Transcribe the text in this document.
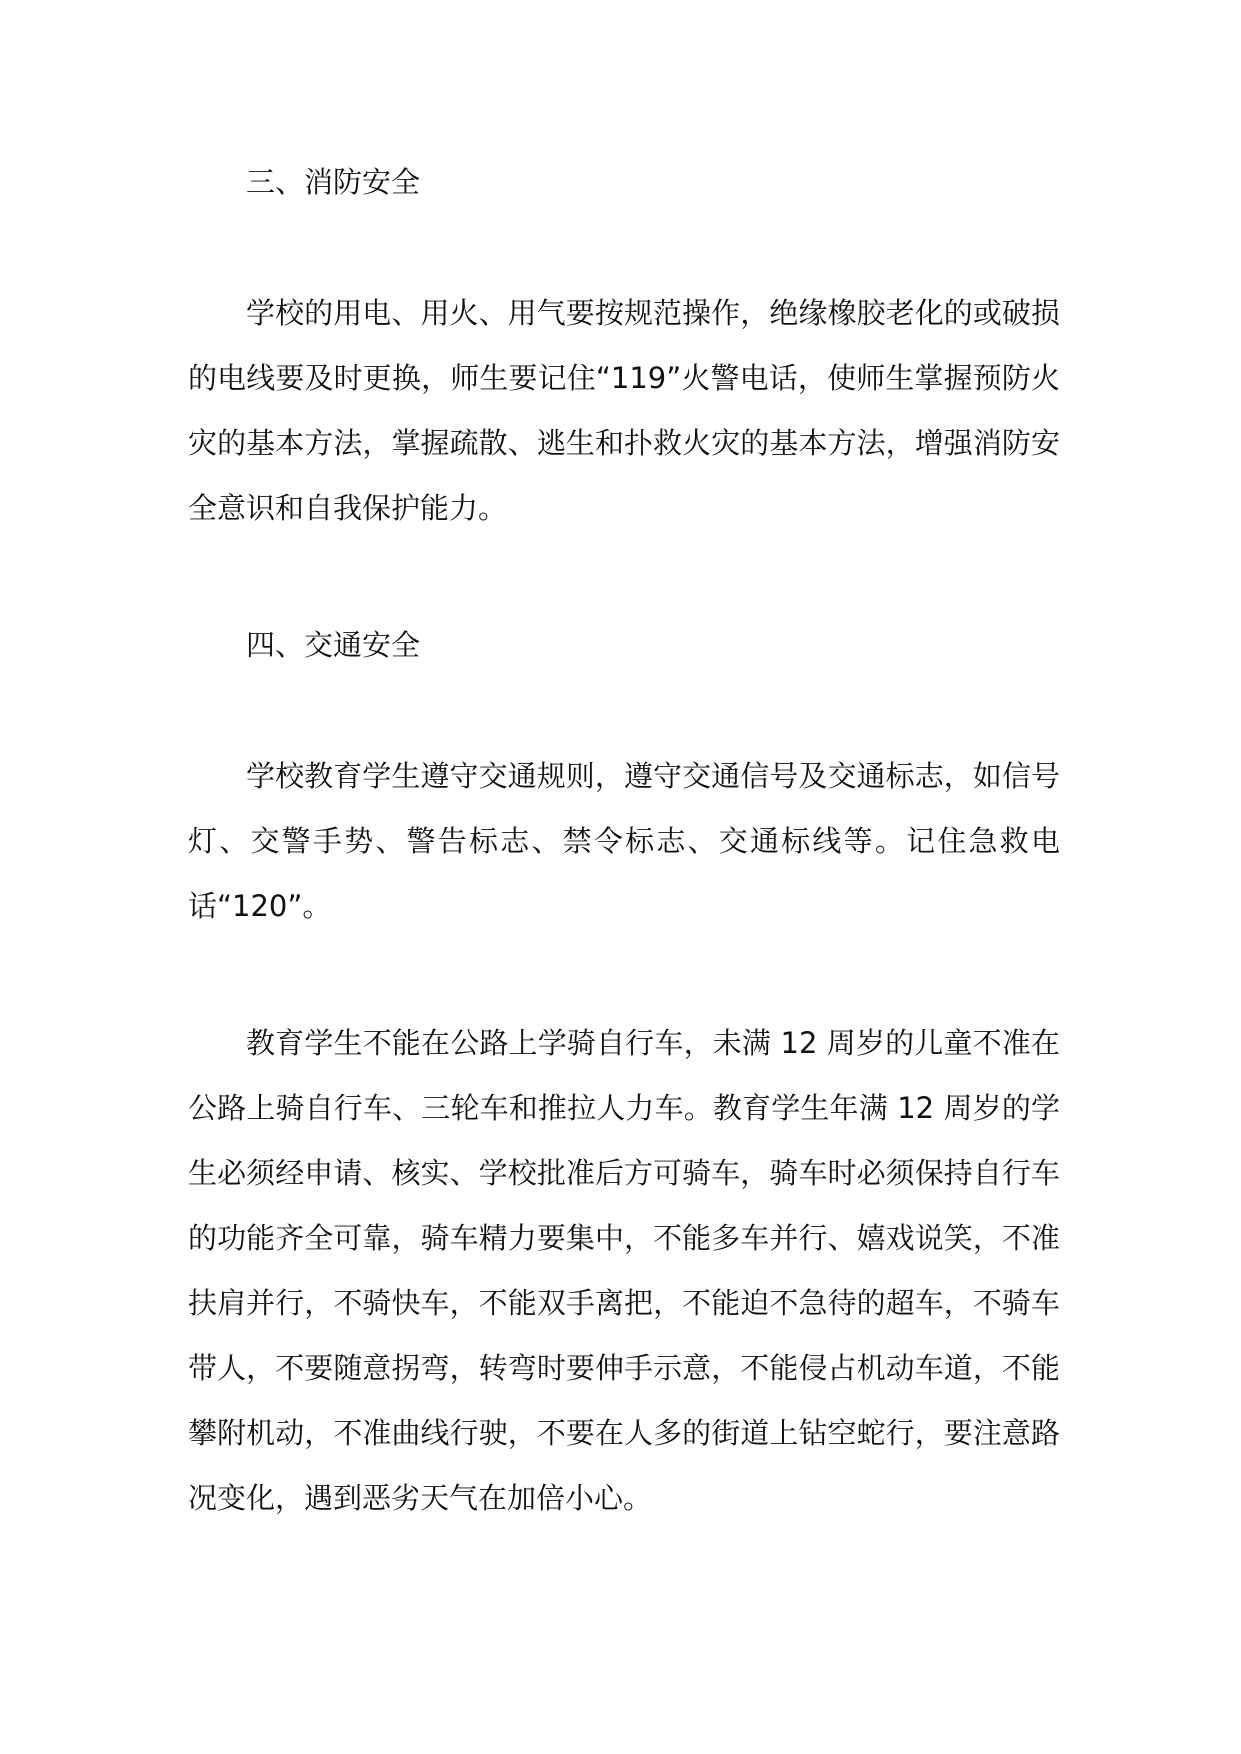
三、消防安全

学校的用电、用火、用气要按规范操作，绝缘橡胶老化的或破损的电线要及时更换，师生要记住“119”火警电话，使师生掌握预防火灾的基本方法，掌握疏散、逃生和扑救火灾的基本方法，增强消防安全意识和自我保护能力。

四、交通安全

学校教育学生遵守交通规则，遵守交通信号及交通标志，如信号灯、交警手势、警告标志、禁令标志、交通标线等。记住急救电话“120”。

教育学生不能在公路上学骑自行车，未满 12 周岁的儿童不准在公路上骑自行车、三轮车和推拉人力车。教育学生年满 12 周岁的学生必须经申请、核实、学校批准后方可骑车，骑车时必须保持自行车的功能齐全可靠，骑车精力要集中，不能多车并行、嬉戏说笑，不准扶肩并行，不骑快车，不能双手离把，不能迫不急待的超车，不骑车带人，不要随意拐弯，转弯时要伸手示意，不能侵占机动车道，不能攀附机动，不准曲线行驶，不要在人多的街道上钻空蛇行，要注意路况变化，遇到恶劣天气在加倍小心。
